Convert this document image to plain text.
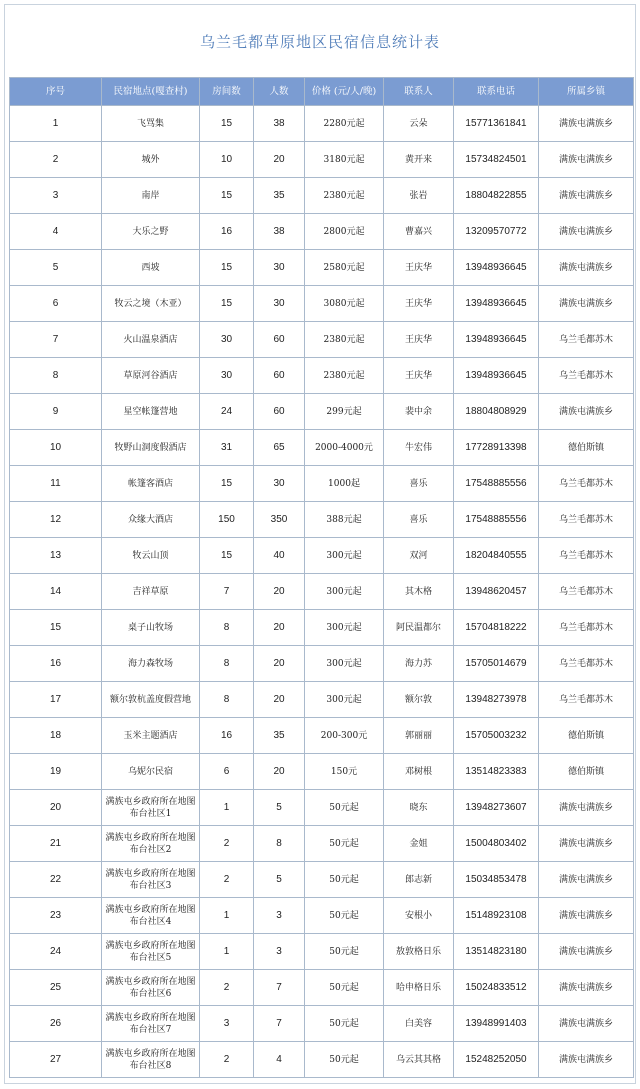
乌兰毛都草原地区民宿信息统计表
序号	民宿地点(嘎查村)	房间数	人数	价格 (元/人/晚)	联系人	联系电话	所属乡镇
1	飞骂集	15	38	2280元起	云朵	15771361841	满族屯满族乡
2	城外	10	20	3180元起	黄开来	15734824501	满族屯满族乡
3	南岸	15	35	2380元起	张岩	18804822855	满族屯满族乡
4	大乐之野	16	38	2800元起	曹嘉兴	13209570772	满族屯满族乡
5	西坡	15	30	2580元起	王庆华	13948936645	满族屯满族乡
6	牧云之境（木亚）	15	30	3080元起	王庆华	13948936645	满族屯满族乡
7	火山温泉酒店	30	60	2380元起	王庆华	13948936645	乌兰毛都苏木
8	草原河谷酒店	30	60	2380元起	王庆华	13948936645	乌兰毛都苏木
9	星空帐篷营地	24	60	299元起	裴中余	18804808929	满族屯满族乡
10	牧野山洞度假酒店	31	65	2000-4000元	牛宏伟	17728913398	德伯斯镇
11	帐篷客酒店	15	30	1000起	喜乐	17548885556	乌兰毛都苏木
12	众缘大酒店	150	350	388元起	喜乐	17548885556	乌兰毛都苏木
13	牧云山顶	15	40	300元起	双河	18204840555	乌兰毛都苏木
14	吉祥草原	7	20	300元起	其木格	13948620457	乌兰毛都苏木
15	桌子山牧场	8	20	300元起	阿民温都尔	15704818222	乌兰毛都苏木
16	海力森牧场	8	20	300元起	海力苏	15705014679	乌兰毛都苏木
17	额尔敦杭盖度假营地	8	20	300元起	额尔敦	13948273978	乌兰毛都苏木
18	玉米主题酒店	16	35	200-300元	郭丽丽	15705003232	德伯斯镇
19	乌妮尔民宿	6	20	150元	邓树根	13514823383	德伯斯镇
20	满族屯乡政府所在地图布台社区1	1	5	50元起	晓东	13948273607	满族屯满族乡
21	满族屯乡政府所在地图布台社区2	2	8	50元起	金姐	15004803402	满族屯满族乡
22	满族屯乡政府所在地图布台社区3	2	5	50元起	郎志新	15034853478	满族屯满族乡
23	满族屯乡政府所在地图布台社区4	1	3	50元起	安根小	15148923108	满族屯满族乡
24	满族屯乡政府所在地图布台社区5	1	3	50元起	敖敦格日乐	13514823180	满族屯满族乡
25	满族屯乡政府所在地图布台社区6	2	7	50元起	哈申格日乐	15024833512	满族屯满族乡
26	满族屯乡政府所在地图布台社区7	3	7	50元起	白美容	13948991403	满族屯满族乡
27	满族屯乡政府所在地图布台社区8	2	4	50元起	乌云其其格	15248252050	满族屯满族乡
